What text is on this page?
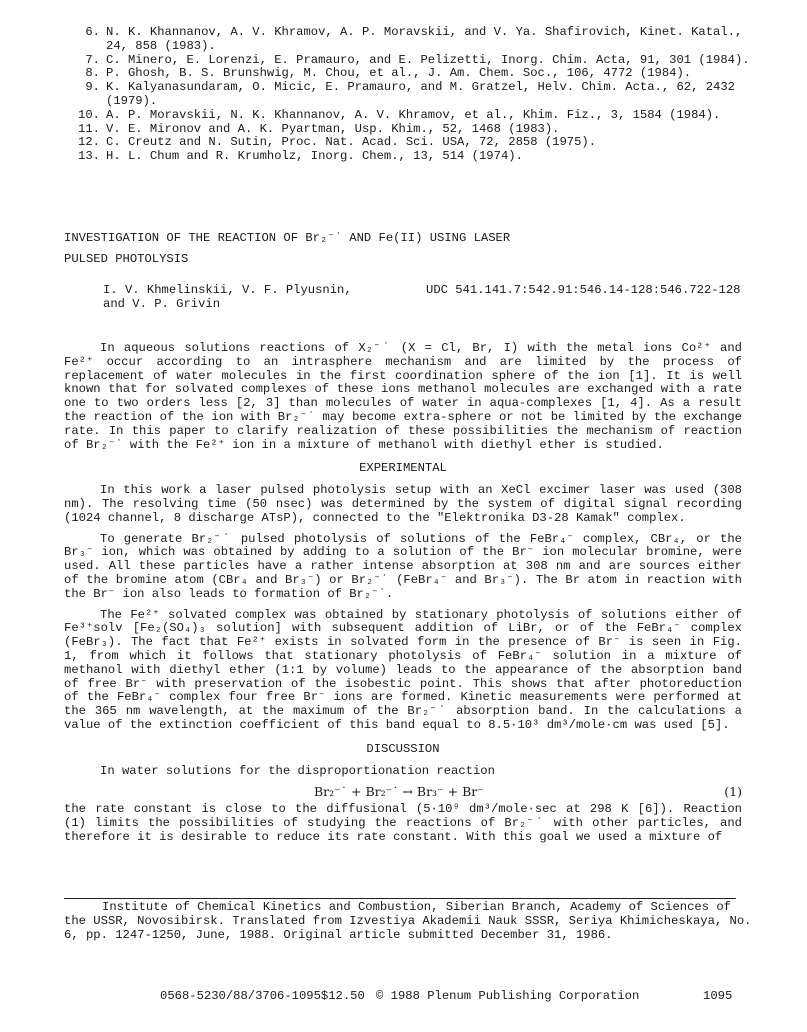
6. N. K. Khannanov, A. V. Khramov, A. P. Moravskii, and V. Ya. Shafirovich, Kinet. Katal., 24, 858 (1983).
7. C. Minero, E. Lorenzi, E. Pramauro, and E. Pelizetti, Inorg. Chim. Acta, 91, 301 (1984).
8. P. Ghosh, B. S. Brunshwig, M. Chou, et al., J. Am. Chem. Soc., 106, 4772 (1984).
9. K. Kalyanasundaram, O. Micic, E. Pramauro, and M. Gratzel, Helv. Chim. Acta., 62, 2432 (1979).
10. A. P. Moravskii, N. K. Khannanov, A. V. Khramov, et al., Khim. Fiz., 3, 1584 (1984).
11. V. E. Mironov and A. K. Pyartman, Usp. Khim., 52, 1468 (1983).
12. C. Creutz and N. Sutin, Proc. Nat. Acad. Sci. USA, 72, 2858 (1975).
13. H. L. Chum and R. Krumholz, Inorg. Chem., 13, 514 (1974).
INVESTIGATION OF THE REACTION OF Br₂⁻˙ AND Fe(II) USING LASER
PULSED PHOTOLYSIS
I. V. Khmelinskii, V. F. Plyusnin,
and V. P. Grivin
UDC 541.141.7:542.91:546.14-128:546.722-128

In aqueous solutions reactions of X₂⁻˙ (X = Cl, Br, I) with the metal ions Co²⁺ and Fe²⁺ occur according to an intrasphere mechanism and are limited by the process of replacement of water molecules in the first coordination sphere of the ion [1]. It is well known that for solvated complexes of these ions methanol molecules are exchanged with a rate one to two orders less [2, 3] than molecules of water in aqua-complexes [1, 4]. As a result the reaction of the ion with Br₂⁻˙ may become extra-sphere or not be limited by the exchange rate. In this paper to clarify realization of these possibilities the mechanism of reaction of Br₂⁻˙ with the Fe²⁺ ion in a mixture of methanol with diethyl ether is studied.

EXPERIMENTAL

In this work a laser pulsed photolysis setup with an XeCl excimer laser was used (308 nm). The resolving time (50 nsec) was determined by the system of digital signal recording (1024 channel, 8 discharge ATsP), connected to the "Elektronika D3-28 Kamak" complex.

To generate Br₂⁻˙ pulsed photolysis of solutions of the FeBr₄⁻ complex, CBr₄, or the Br₃⁻ ion, which was obtained by adding to a solution of the Br⁻ ion molecular bromine, were used. All these particles have a rather intense absorption at 308 nm and are sources either of the bromine atom (CBr₄ and Br₃⁻) or Br₂⁻˙ (FeBr₄⁻ and Br₃⁻). The Br atom in reaction with the Br⁻ ion also leads to formation of Br₂⁻˙.

The Fe²⁺ solvated complex was obtained by stationary photolysis of solutions either of Fe³⁺solv [Fe₂(SO₄)₃ solution] with subsequent addition of LiBr, or of the FeBr₄⁻ complex (FeBr₃). The fact that Fe²⁺ exists in solvated form in the presence of Br⁻ is seen in Fig. 1, from which it follows that stationary photolysis of FeBr₄⁻ solution in a mixture of methanol with diethyl ether (1:1 by volume) leads to the appearance of the absorption band of free Br⁻ with preservation of the isobestic point. This shows that after photoreduction of the FeBr₄⁻ complex four free Br⁻ ions are formed. Kinetic measurements were performed at the 365 nm wavelength, at the maximum of the Br₂⁻˙ absorption band. In the calculations a value of the extinction coefficient of this band equal to 8.5·10³ dm³/mole·cm was used [5].

DISCUSSION

In water solutions for the disproportionation reaction

Br₂⁻˙ + Br₂⁻˙ → Br₃⁻ + Br⁻	(1)

the rate constant is close to the diffusional (5·10⁹ dm³/mole·sec at 298 K [6]). Reaction (1) limits the possibilities of studying the reactions of Br₂⁻˙ with other particles, and therefore it is desirable to reduce its rate constant. With this goal we used a mixture of

Institute of Chemical Kinetics and Combustion, Siberian Branch, Academy of Sciences of the USSR, Novosibirsk. Translated from Izvestiya Akademii Nauk SSSR, Seriya Khimicheskaya, No. 6, pp. 1247-1250, June, 1988. Original article submitted December 31, 1986.
0568-5230/88/3706-1095$12.50 © 1988 Plenum Publishing Corporation	1095
